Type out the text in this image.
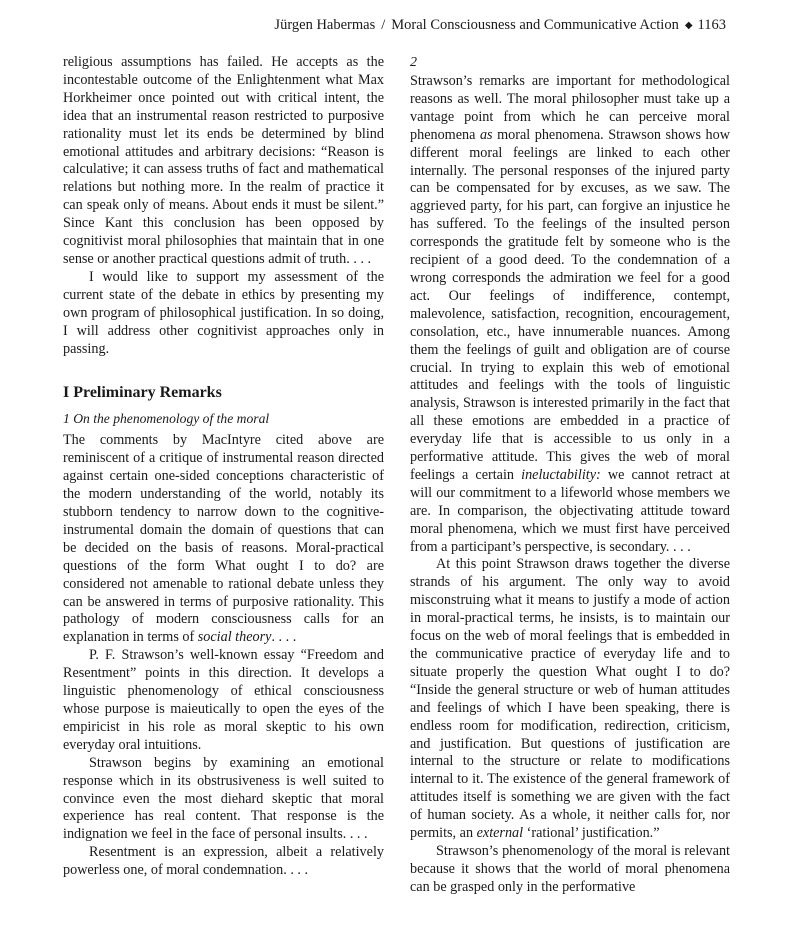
Jürgen Habermas / Moral Consciousness and Communicative Action ◆ 1163

religious assumptions has failed. He accepts as the incontestable outcome of the Enlightenment what Max Horkheimer once pointed out with critical intent, the idea that an instrumental reason restricted to purposive rationality must let its ends be determined by blind emotional attitudes and arbitrary decisions: “Reason is calculative; it can assess truths of fact and mathematical relations but nothing more. In the realm of practice it can speak only of means. About ends it must be silent.” Since Kant this conclusion has been opposed by cognitivist moral philosophies that maintain that in one sense or another practical questions admit of truth. . . .

I would like to support my assessment of the current state of the debate in ethics by presenting my own program of philosophical justification. In so doing, I will address other cognitivist approaches only in passing.

I Preliminary Remarks
1 On the phenomenology of the moral

The comments by MacIntyre cited above are reminiscent of a critique of instrumental reason directed against certain one-sided conceptions characteristic of the modern understanding of the world, notably its stubborn tendency to narrow down to the cognitive-instrumental domain the domain of questions that can be decided on the basis of reasons. Moral-practical questions of the form What ought I to do? are considered not amenable to rational debate unless they can be answered in terms of purposive rationality. This pathology of modern consciousness calls for an explanation in terms of social theory. . . .

P. F. Strawson’s well-known essay “Freedom and Resentment” points in this direction. It develops a linguistic phenomenology of ethical consciousness whose purpose is maieutically to open the eyes of the empiricist in his role as moral skeptic to his own everyday oral intuitions.

Strawson begins by examining an emotional response which in its obstrusiveness is well suited to convince even the most diehard skeptic that moral experience has real content. That response is the indignation we feel in the face of personal insults. . . .

Resentment is an expression, albeit a relatively powerless one, of moral condemnation. . . .

2

Strawson’s remarks are important for methodological reasons as well. The moral philosopher must take up a vantage point from which he can perceive moral phenomena as moral phenomena. Strawson shows how different moral feelings are linked to each other internally. The personal responses of the injured party can be compensated for by excuses, as we saw. The aggrieved party, for his part, can forgive an injustice he has suffered. To the feelings of the insulted person corresponds the gratitude felt by someone who is the recipient of a good deed. To the condemnation of a wrong corresponds the admiration we feel for a good act. Our feelings of indifference, contempt, malevolence, satisfaction, recognition, encouragement, consolation, etc., have innumerable nuances. Among them the feelings of guilt and obligation are of course crucial. In trying to explain this web of emotional attitudes and feelings with the tools of linguistic analysis, Strawson is interested primarily in the fact that all these emotions are embedded in a practice of everyday life that is accessible to us only in a performative attitude. This gives the web of moral feelings a certain ineluctability: we cannot retract at will our commitment to a lifeworld whose members we are. In comparison, the objectivating attitude toward moral phenomena, which we must first have perceived from a participant’s perspective, is secondary. . . .

At this point Strawson draws together the diverse strands of his argument. The only way to avoid misconstruing what it means to justify a mode of action in moral-practical terms, he insists, is to maintain our focus on the web of moral feelings that is embedded in the communicative practice of everyday life and to situate properly the question What ought I to do? “Inside the general structure or web of human attitudes and feelings of which I have been speaking, there is endless room for modification, redirection, criticism, and justification. But questions of justification are internal to the structure or relate to modifications internal to it. The existence of the general framework of attitudes itself is something we are given with the fact of human society. As a whole, it neither calls for, nor permits, an external ‘rational’ justification.”

Strawson’s phenomenology of the moral is relevant because it shows that the world of moral phenomena can be grasped only in the performative
